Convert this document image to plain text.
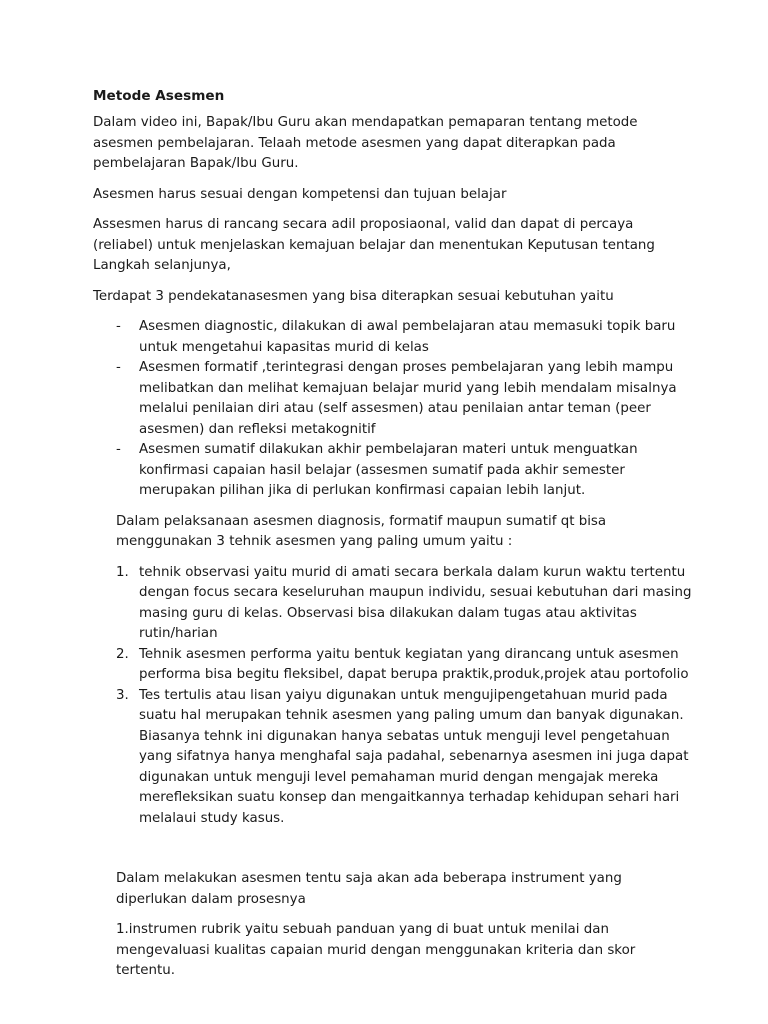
Metode Asesmen

Dalam video ini, Bapak/Ibu Guru akan mendapatkan pemaparan tentang metode asesmen pembelajaran. Telaah metode asesmen yang dapat diterapkan pada pembelajaran Bapak/Ibu Guru.

Asesmen harus sesuai dengan kompetensi dan tujuan belajar

Assesmen harus di rancang secara adil proposiaonal, valid dan dapat di percaya (reliabel) untuk menjelaskan kemajuan belajar dan menentukan Keputusan tentang Langkah selanjunya,

Terdapat 3 pendekatanasesmen yang bisa diterapkan sesuai kebutuhan yaitu

- Asesmen diagnostic, dilakukan di awal pembelajaran atau memasuki topik baru untuk mengetahui kapasitas murid di kelas
- Asesmen formatif ,terintegrasi dengan proses pembelajaran yang lebih mampu melibatkan dan melihat kemajuan belajar murid yang lebih mendalam misalnya melalui penilaian diri atau (self assesmen) atau penilaian antar teman (peer asesmen) dan refleksi metakognitif
- Asesmen sumatif dilakukan akhir pembelajaran materi untuk menguatkan konfirmasi capaian hasil belajar (assesmen sumatif pada akhir semester merupakan pilihan jika di perlukan konfirmasi capaian lebih lanjut.

Dalam pelaksanaan asesmen diagnosis, formatif maupun sumatif qt bisa menggunakan 3 tehnik asesmen yang paling umum yaitu :

1. tehnik observasi yaitu murid di amati secara berkala dalam kurun waktu tertentu dengan focus secara keseluruhan maupun individu, sesuai kebutuhan dari masing masing guru di kelas. Observasi bisa dilakukan dalam tugas atau aktivitas rutin/harian
2. Tehnik asesmen performa yaitu bentuk kegiatan yang dirancang untuk asesmen performa bisa begitu fleksibel, dapat berupa praktik,produk,projek atau portofolio
3. Tes tertulis atau lisan yaiyu digunakan untuk mengujipengetahuan murid pada suatu hal merupakan tehnik asesmen yang paling umum dan banyak digunakan. Biasanya tehnk ini digunakan hanya sebatas untuk menguji level pengetahuan yang sifatnya hanya menghafal saja padahal, sebenarnya asesmen ini juga dapat digunakan untuk menguji level pemahaman murid dengan mengajak mereka merefleksikan suatu konsep dan mengaitkannya terhadap kehidupan sehari hari melalaui study kasus.

Dalam melakukan asesmen tentu saja akan ada beberapa instrument yang diperlukan dalam prosesnya

1.instrumen rubrik yaitu sebuah panduan yang di buat untuk menilai dan mengevaluasi kualitas capaian murid dengan menggunakan kriteria dan skor tertentu.
